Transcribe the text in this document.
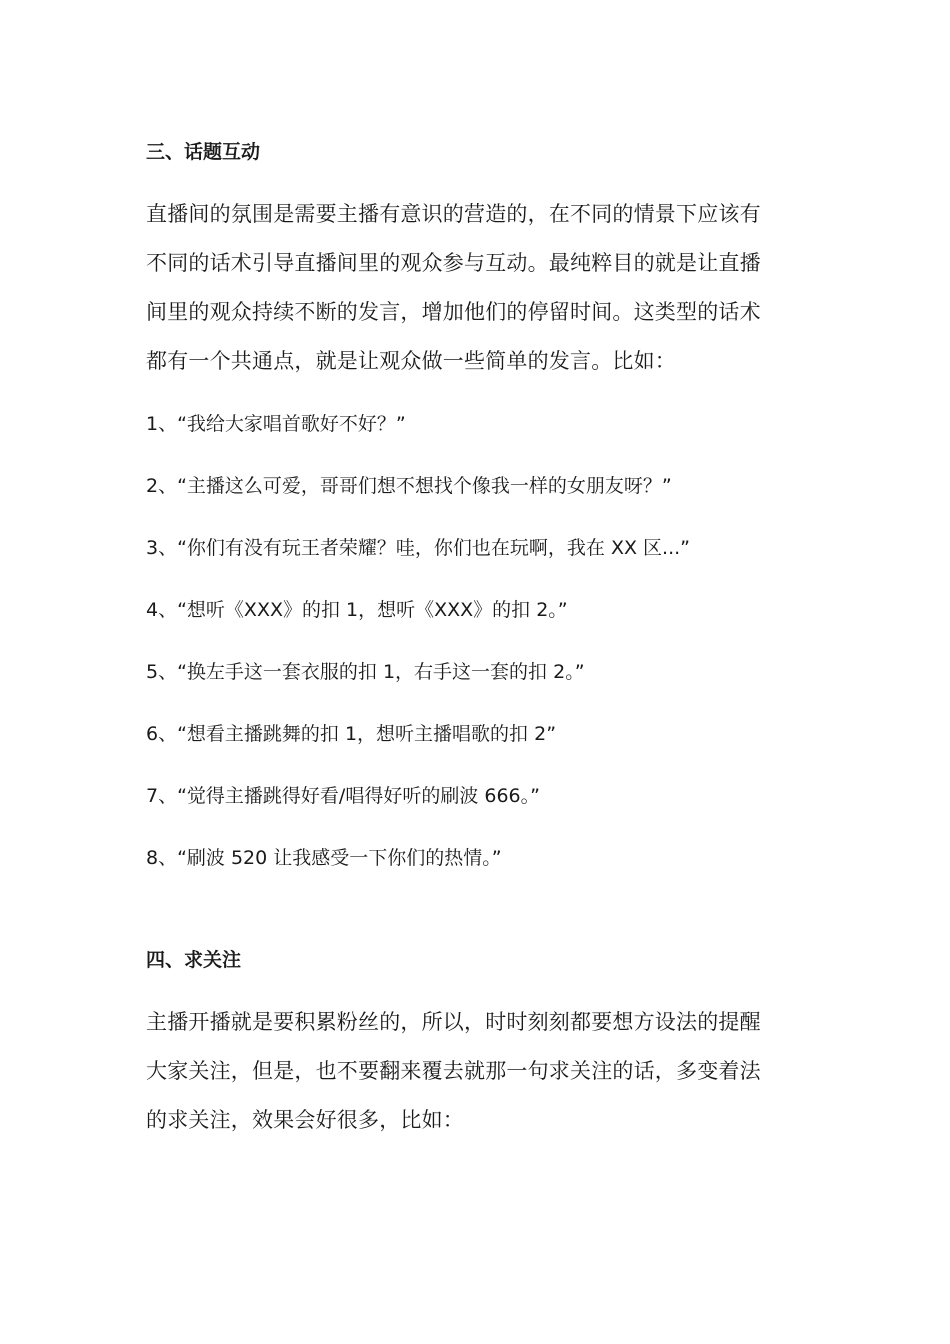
三、话题互动
直播间的氛围是需要主播有意识的营造的，在不同的情景下应该有
不同的话术引导直播间里的观众参与互动。最纯粹目的就是让直播
间里的观众持续不断的发言，增加他们的停留时间。这类型的话术
都有一个共通点，就是让观众做一些简单的发言。比如：

1、“我给大家唱首歌好不好？”

2、“主播这么可爱，哥哥们想不想找个像我一样的女朋友呀？”

3、“你们有没有玩王者荣耀？哇，你们也在玩啊，我在 XX 区...”

4、“想听《XXX》的扣 1，想听《XXX》的扣 2。”

5、“换左手这一套衣服的扣 1，右手这一套的扣 2。”

6、“想看主播跳舞的扣 1，想听主播唱歌的扣 2”

7、“觉得主播跳得好看/唱得好听的刷波 666。”

8、“刷波 520 让我感受一下你们的热情。”

四、求关注
主播开播就是要积累粉丝的，所以，时时刻刻都要想方设法的提醒
大家关注，但是，也不要翻来覆去就那一句求关注的话，多变着法
的求关注，效果会好很多，比如：
